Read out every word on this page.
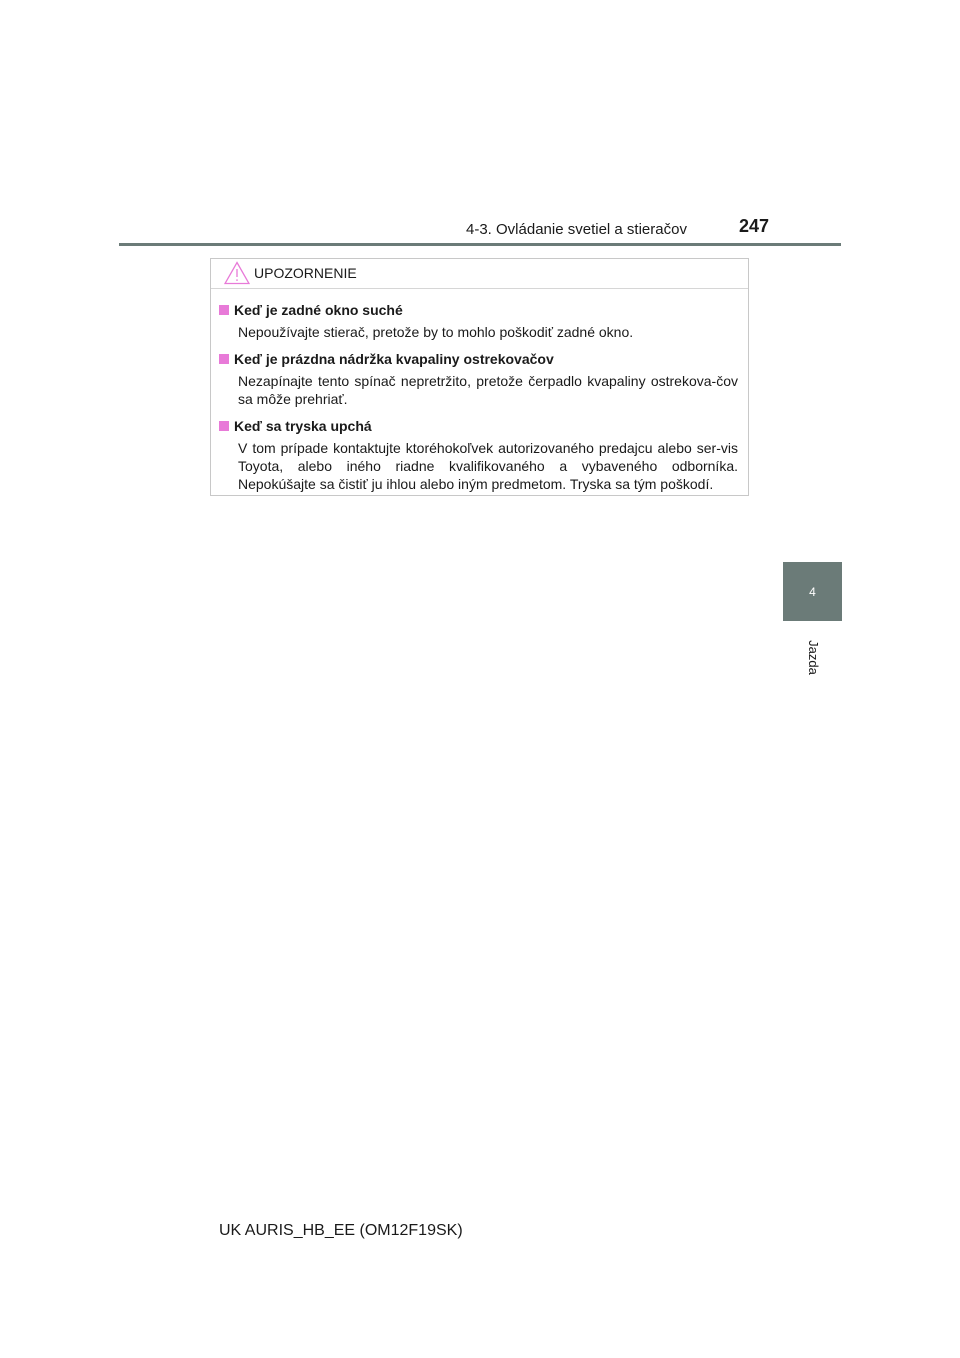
4-3. Ovládanie svetiel a stieračov	247
UPOZORNENIE
Keď je zadné okno suché
Nepoužívajte stierač, pretože by to mohlo poškodiť zadné okno.
Keď je prázdna nádržka kvapaliny ostrekovačov
Nezapínajte tento spínač nepretržito, pretože čerpadlo kvapaliny ostrekova-čov sa môže prehriať.
Keď sa tryska upchá
V tom prípade kontaktujte ktoréhokoľvek autorizovaného predajcu alebo ser-vis Toyota, alebo iného riadne kvalifikovaného a vybaveného odborníka. Nepokúšajte sa čistiť ju ihlou alebo iným predmetom. Tryska sa tým poškodí.
4
Jazda
UK AURIS_HB_EE (OM12F19SK)
